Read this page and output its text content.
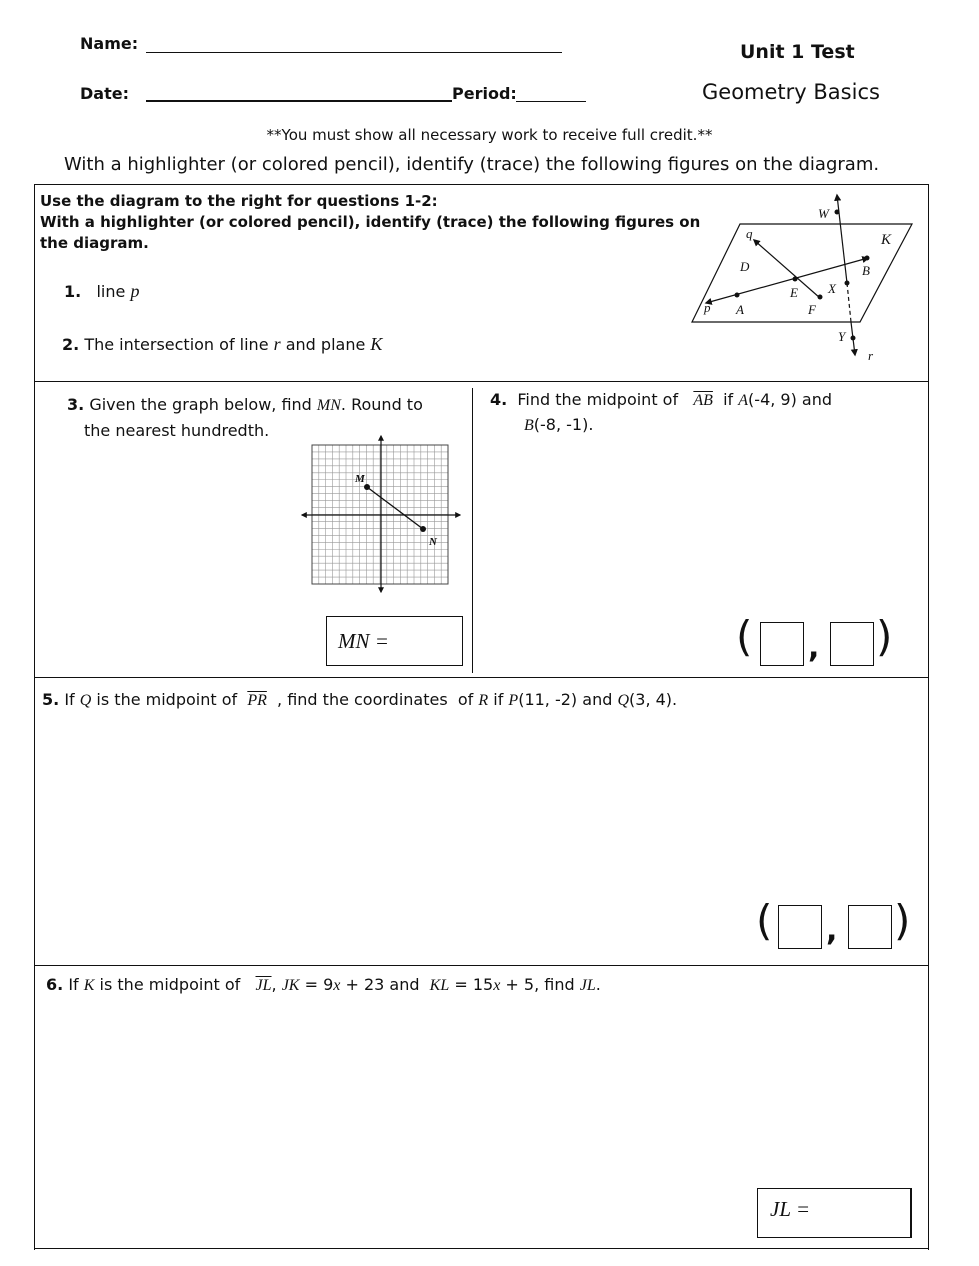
Name:
Date:	Period:
Unit 1 Test
Geometry Basics
**You must show all necessary work to receive full credit.**
With a highlighter (or colored pencil), identify (trace) the following figures on the diagram.
Use the diagram to the right for questions 1-2:
With a highlighter (or colored pencil), identify (trace) the following figures on
the diagram.
1. line p
2. The intersection of line r and plane K
W
q	K
D	B
E X
p A	F
Y
r
3. Given the graph below, find MN. Round to
the nearest hundredth.
M
N
MN =
4. Find the midpoint of $\overline{AB}$ if A(-4, 9) and
B(-8, -1).
( , )
5. If Q is the midpoint of $\overline{PR}$ , find the coordinates of R if P(11, -2) and Q(3, 4).
( , )
6. If K is the midpoint of $\overline{JL}$, JK = 9x + 23 and KL = 15x + 5, find JL.
JL =
